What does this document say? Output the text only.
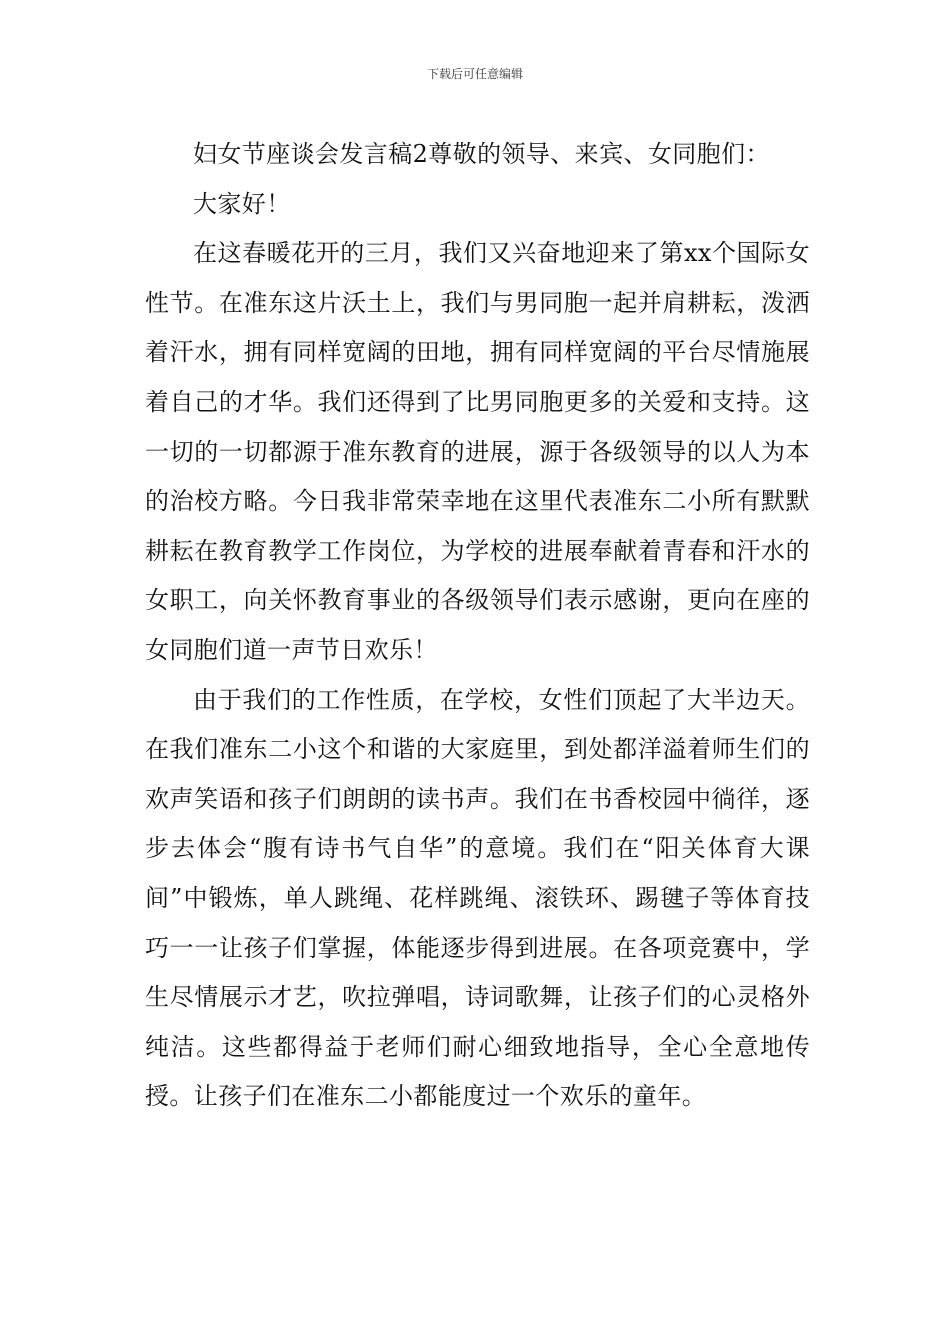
下载后可任意编辑

妇女节座谈会发言稿2尊敬的领导、来宾、女同胞们：

大家好！

在这春暖花开的三月，我们又兴奋地迎来了第xx个国际女性节。在准东这片沃土上，我们与男同胞一起并肩耕耘，泼洒着汗水，拥有同样宽阔的田地，拥有同样宽阔的平台尽情施展着自己的才华。我们还得到了比男同胞更多的关爱和支持。这一切的一切都源于准东教育的进展，源于各级领导的以人为本的治校方略。今日我非常荣幸地在这里代表准东二小所有默默耕耘在教育教学工作岗位，为学校的进展奉献着青春和汗水的女职工，向关怀教育事业的各级领导们表示感谢，更向在座的女同胞们道一声节日欢乐！

由于我们的工作性质，在学校，女性们顶起了大半边天。在我们准东二小这个和谐的大家庭里，到处都洋溢着师生们的欢声笑语和孩子们朗朗的读书声。我们在书香校园中徜徉，逐步去体会“腹有诗书气自华”的意境。我们在“阳关体育大课间”中锻炼，单人跳绳、花样跳绳、滚铁环、踢毽子等体育技巧一一让孩子们掌握，体能逐步得到进展。在各项竞赛中，学生尽情展示才艺，吹拉弹唱，诗词歌舞，让孩子们的心灵格外纯洁。这些都得益于老师们耐心细致地指导，全心全意地传授。让孩子们在准东二小都能度过一个欢乐的童年。
